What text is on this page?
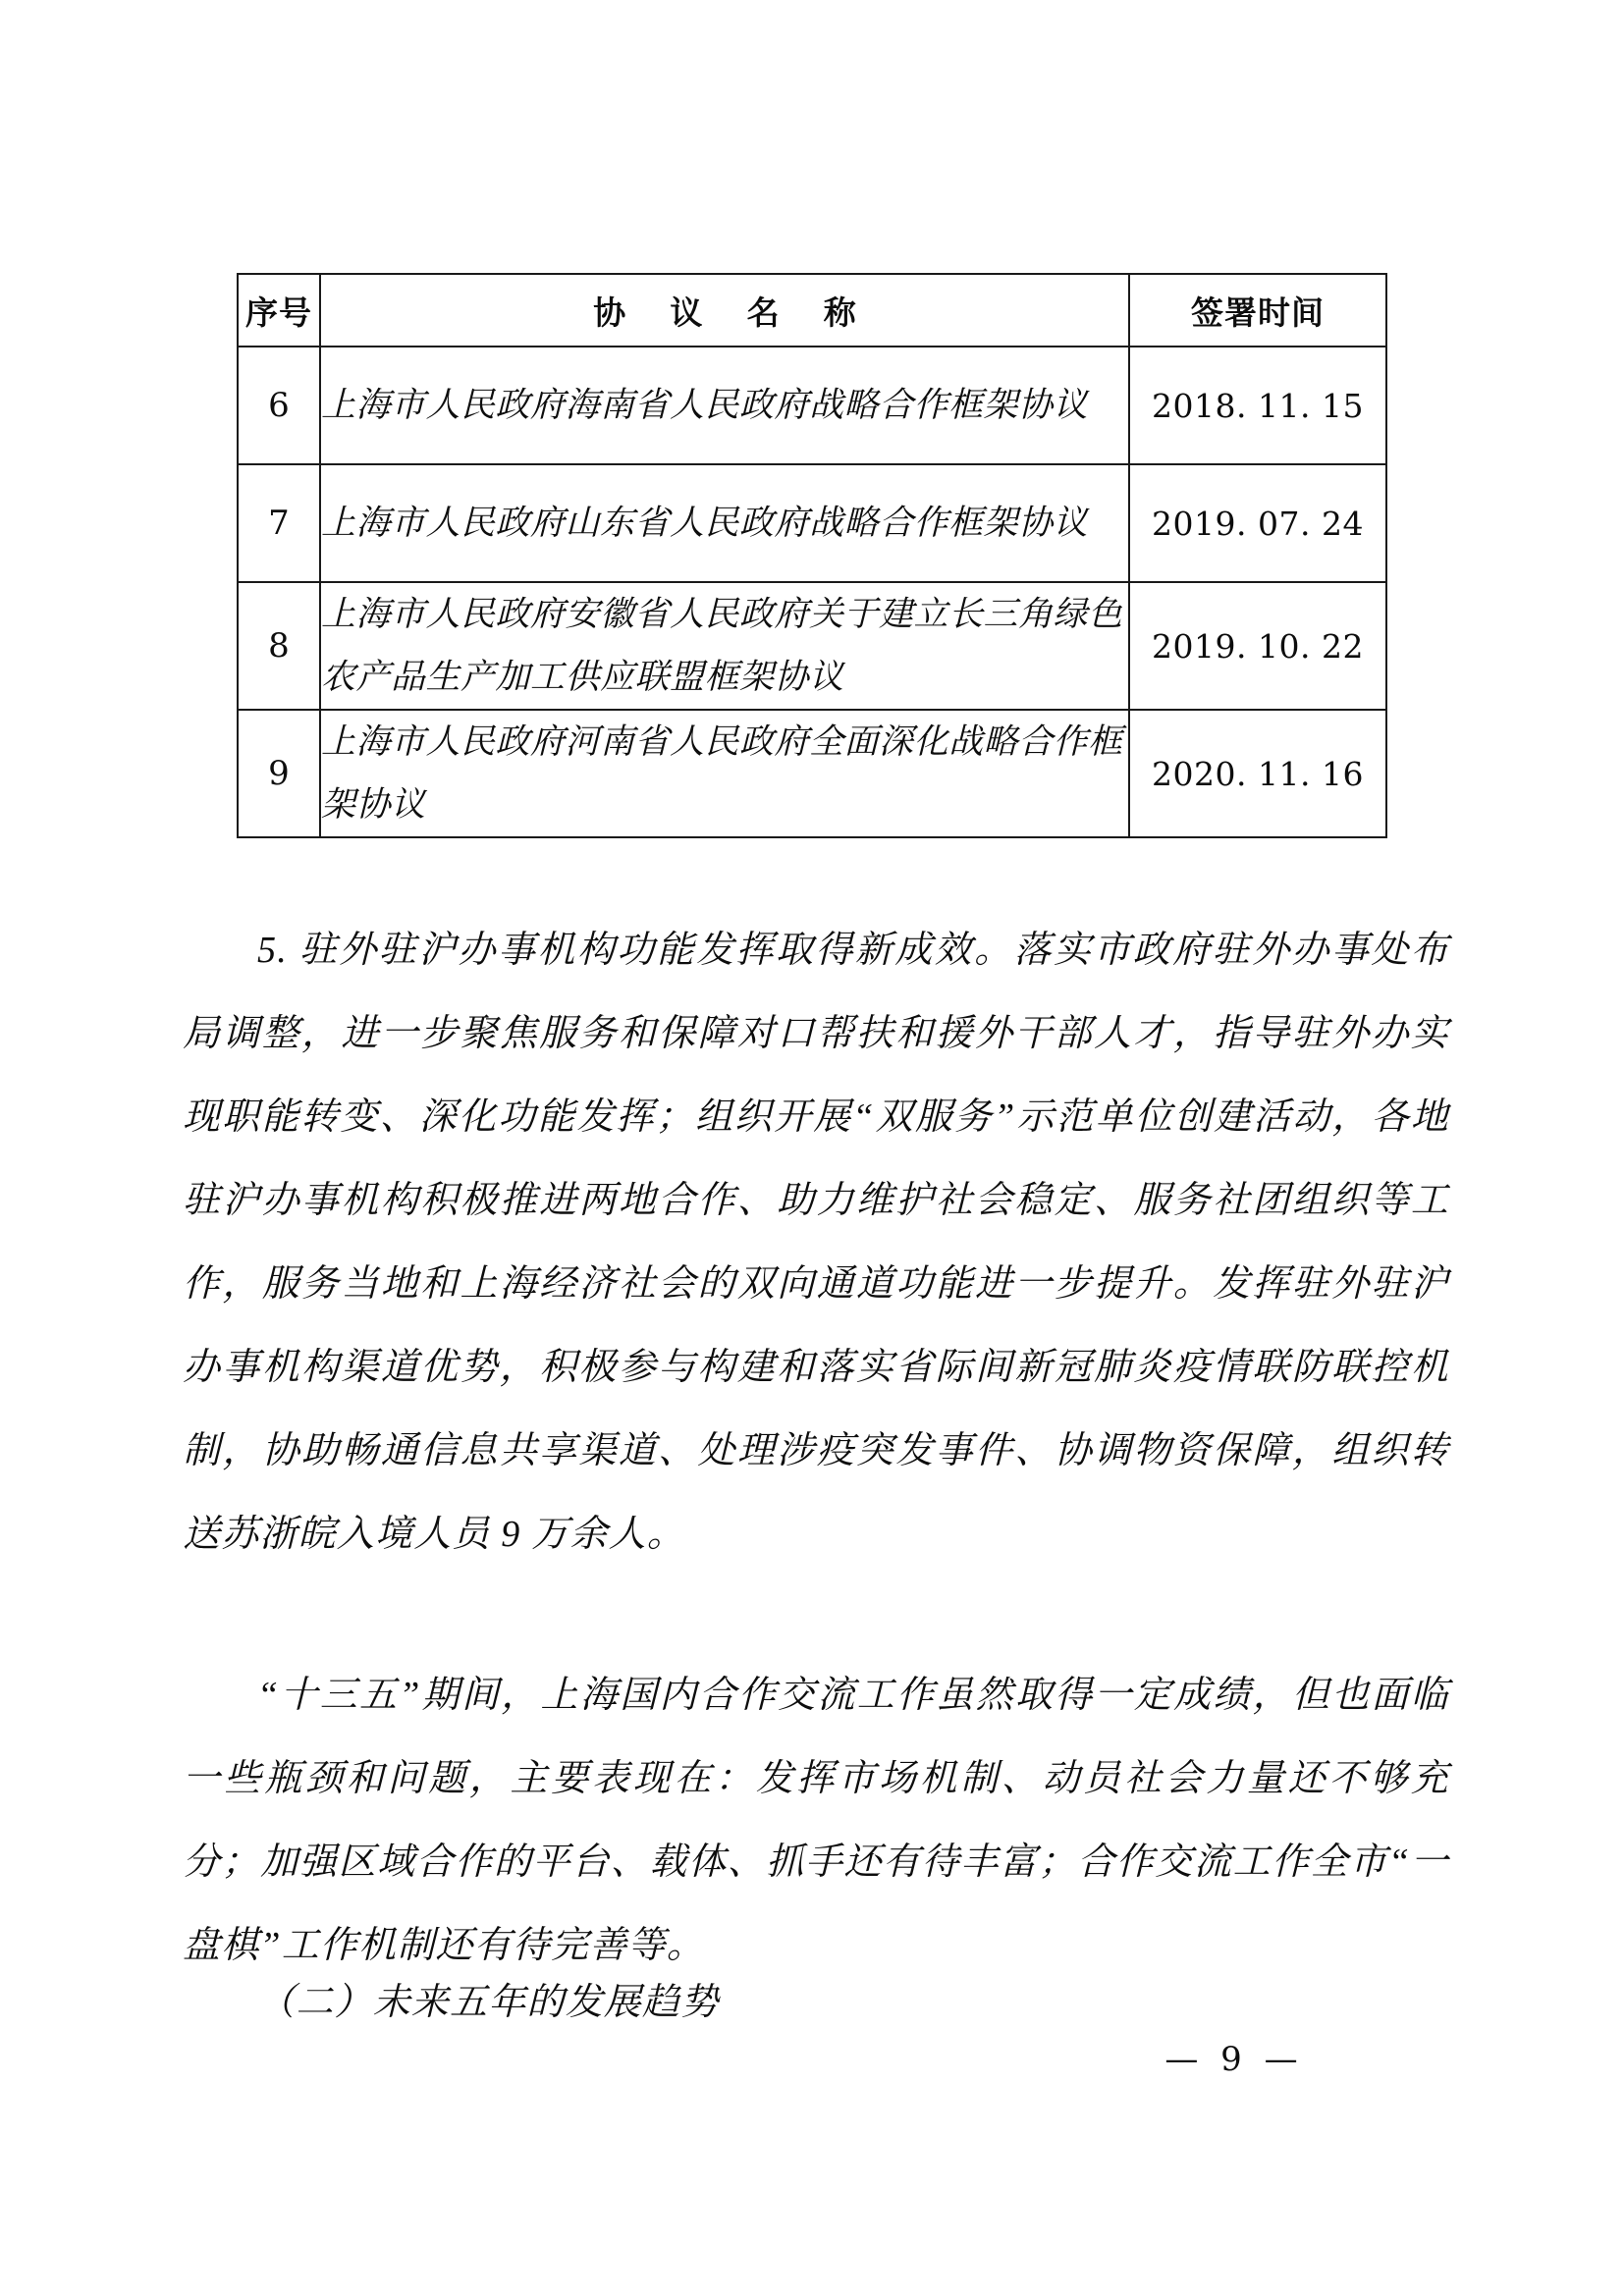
序号	协 议 名 称	签署时间
6	上海市人民政府海南省人民政府战略合作框架协议	2018. 11. 15
7	上海市人民政府山东省人民政府战略合作框架协议	2019. 07. 24
8	上海市人民政府安徽省人民政府关于建立长三角绿色农产品生产加工供应联盟框架协议	2019. 10. 22
9	上海市人民政府河南省人民政府全面深化战略合作框架协议	2020. 11. 16

5. 驻外驻沪办事机构功能发挥取得新成效。落实市政府驻外办事处布局调整，进一步聚焦服务和保障对口帮扶和援外干部人才，指导驻外办实现职能转变、深化功能发挥；组织开展“双服务”示范单位创建活动，各地驻沪办事机构积极推进两地合作、助力维护社会稳定、服务社团组织等工作，服务当地和上海经济社会的双向通道功能进一步提升。发挥驻外驻沪办事机构渠道优势，积极参与构建和落实省际间新冠肺炎疫情联防联控机制，协助畅通信息共享渠道、处理涉疫突发事件、协调物资保障，组织转送苏浙皖入境人员 9 万余人。

“十三五”期间，上海国内合作交流工作虽然取得一定成绩，但也面临一些瓶颈和问题，主要表现在：发挥市场机制、动员社会力量还不够充分；加强区域合作的平台、载体、抓手还有待丰富；合作交流工作全市“一盘棋”工作机制还有待完善等。

（二）未来五年的发展趋势

— 9 —
